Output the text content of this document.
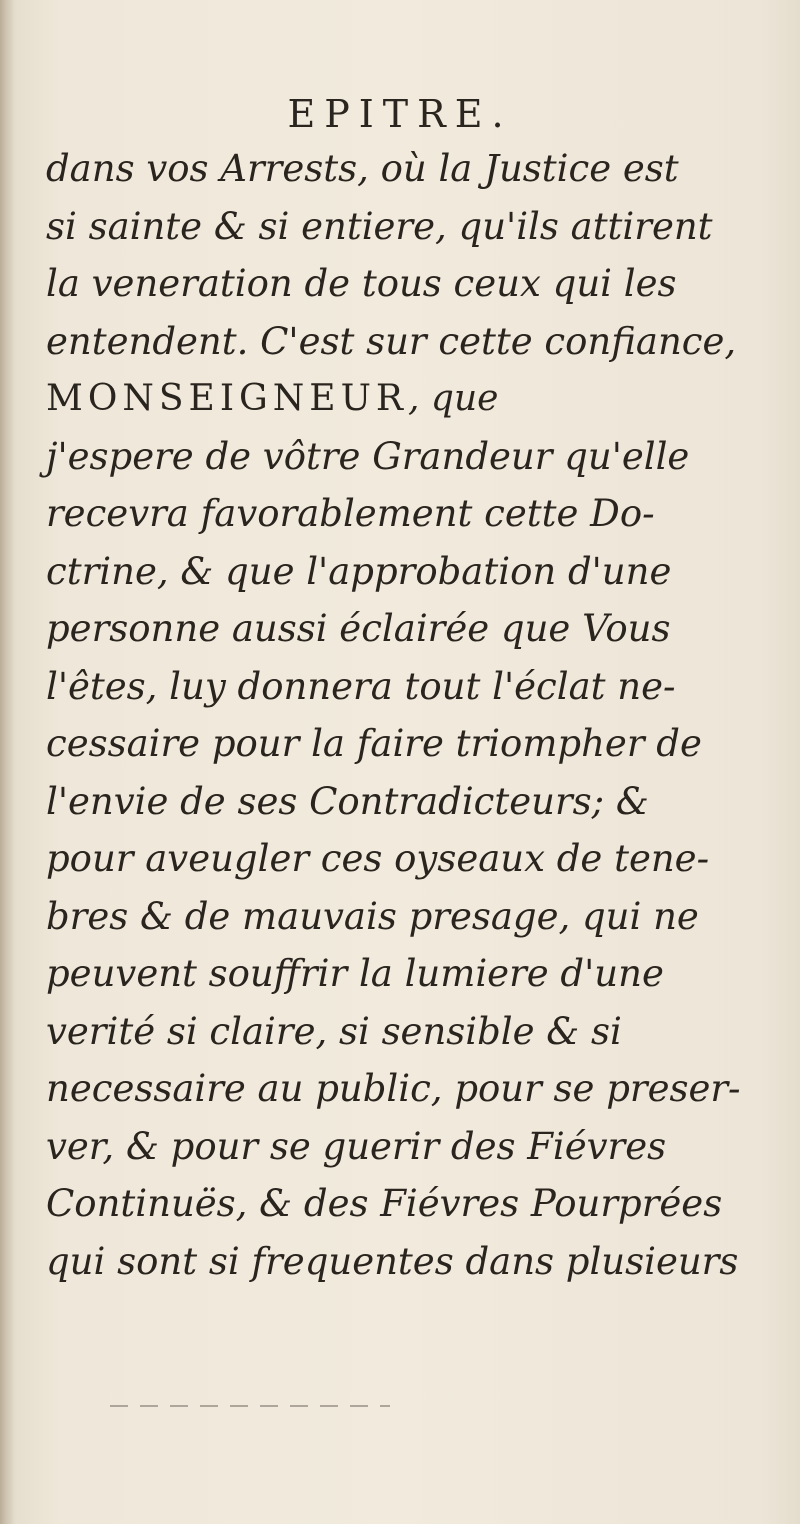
EPITRE.
dans vos Arrests, où la Justice est
si sainte & si entiere, qu'ils attirent
la veneration de tous ceux qui les
entendent. C'est sur cette confiance,
MONSEIGNEUR, que
j'espere de vôtre Grandeur qu'elle
recevra favorablement cette Do-
ctrine, & que l'approbation d'une
personne aussi éclairée que Vous
l'êtes, luy donnera tout l'éclat ne-
cessaire pour la faire triompher de
l'envie de ses Contradicteurs; &
pour aveugler ces oyseaux de tene-
bres & de mauvais presage, qui ne
peuvent souffrir la lumiere d'une
verité si claire, si sensible & si
necessaire au public, pour se preser-
ver, & pour se guerir des Fiévres
Continuës, & des Fiévres Pourprées
qui sont si frequentes dans plusieurs
